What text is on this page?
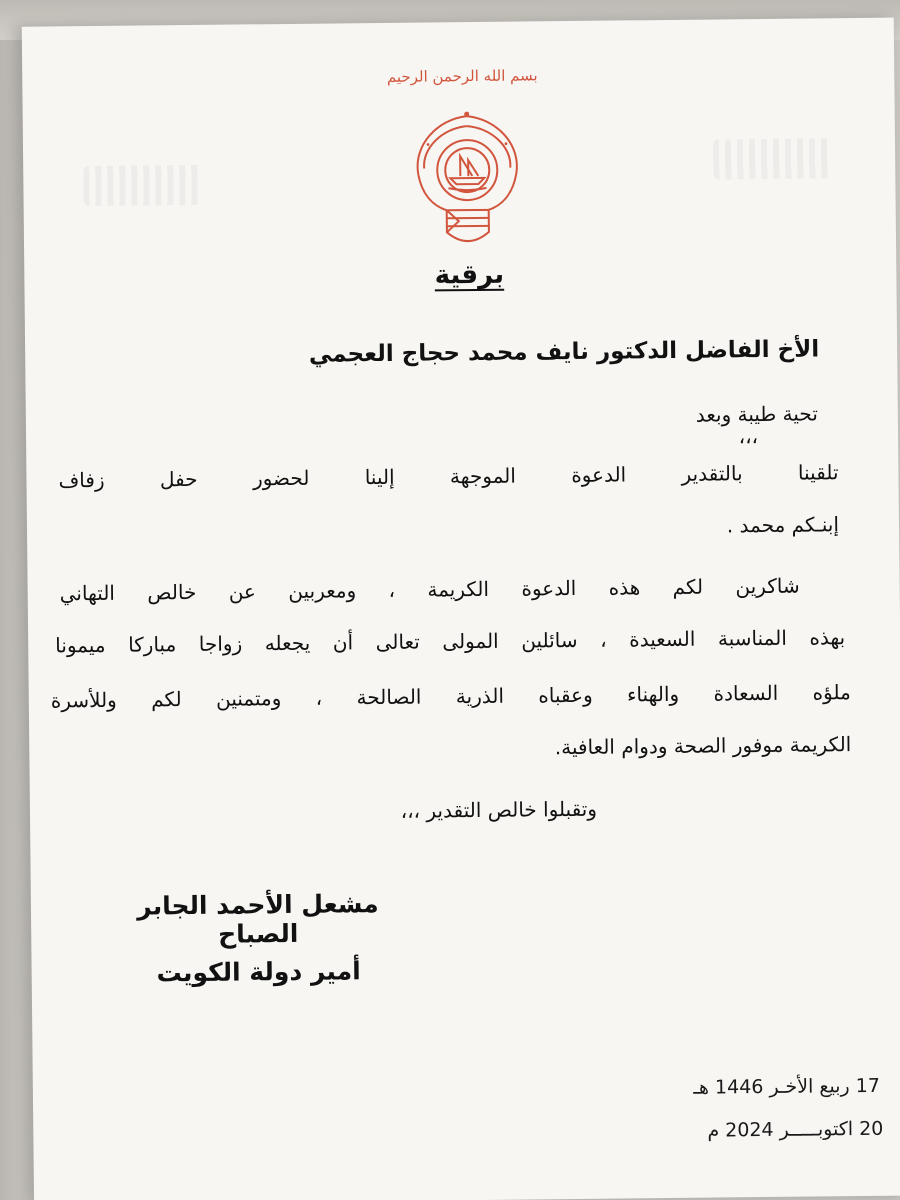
بسم الله الرحمن الرحيم
برقية
الأخ الفاضل الدكتور نايف محمد حجاج العجمي
تحية طيبة وبعد
،،،
تلقينا بالتقدير الدعوة الموجهة إلينا لحضور حفل زفاف
إبنـكم محمد .
شاكرين لكم هذه الدعوة الكريمة ، ومعربين عن خالص التهاني
بهذه المناسبة السعيدة ، سائلين المولى تعالى أن يجعله زواجا مباركا ميمونا
ملؤه السعادة والهناء وعقباه الذرية الصالحة ، ومتمنين لكم وللأسرة
الكريمة موفور الصحة ودوام العافية.
وتقبلوا خالص التقدير ،،،
مشعل الأحمد الجابر الصباح
أمير دولة الكويت
17 ربيع الأخـر 1446 هـ
20 اكتوبـــــر 2024 م
